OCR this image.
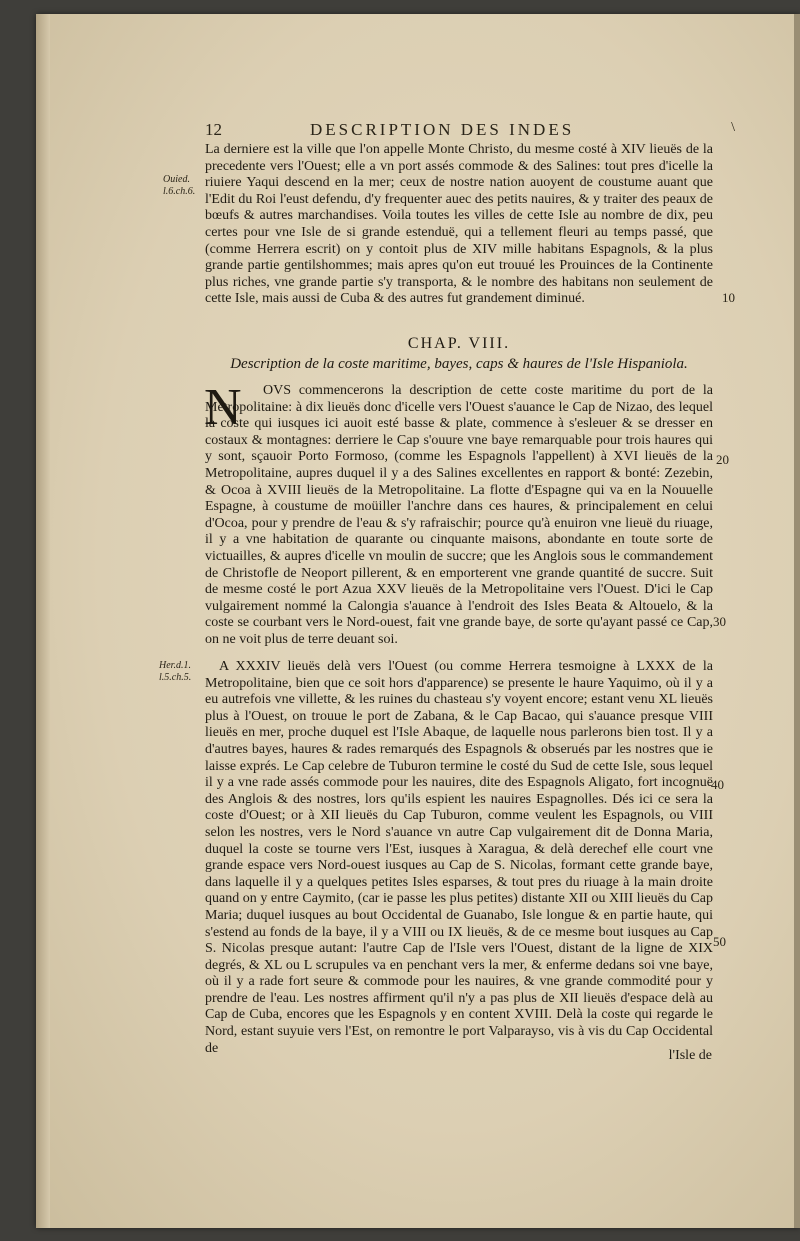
12	DESCRIPTION DES INDES	\
Ouied. l.6.ch.6.
Her.d.1. l.5.ch.5.
10
20
30
40
50

La derniere est la ville que l'on appelle Monte Christo, du mesme costé à XIV lieuës de la precedente vers l'Ouest; elle a vn port assés commode & des Salines: tout pres d'icelle la riuiere Yaqui descend en la mer; ceux de nostre nation auoyent de coustume auant que l'Edit du Roi l'eust defendu, d'y frequenter auec des petits nauires, & y traiter des peaux de bœufs & autres marchandises. Voila toutes les villes de cette Isle au nombre de dix, peu certes pour vne Isle de si grande estenduë, qui a tellement fleuri au temps passé, que (comme Herrera escrit) on y contoit plus de XIV mille habitans Espagnols, & la plus grande partie gentilshommes; mais apres qu'on eut trouué les Prouinces de la Continente plus riches, vne grande partie s'y transporta, & le nombre des habitans non seulement de cette Isle, mais aussi de Cuba & des autres fut grandement diminué.

CHAP. VIII.
Description de la coste maritime, bayes, caps & haures de l'Isle Hispaniola.
N	OVS commencerons la description de cette coste maritime du port de la Metropolitaine: à dix lieuës donc d'icelle vers l'Ouest s'auance le Cap de Nizao, des lequel la coste qui iusques ici auoit esté basse & plate, commence à s'esleuer & se dresser en costaux & montagnes: derriere le Cap s'ouure vne baye remarquable pour trois haures qui y sont, sçauoir Porto Formoso, (comme les Espagnols l'appellent) à XVI lieuës de la Metropolitaine, aupres duquel il y a des Salines excellentes en rapport & bonté: Zezebin, & Ocoa à XVIII lieuës de la Metropolitaine. La flotte d'Espagne qui va en la Nouuelle Espagne, à coustume de moüiller l'anchre dans ces haures, & principalement en celui d'Ocoa, pour y prendre de l'eau & s'y rafraischir; pource qu'à enuiron vne lieuë du riuage, il y a vne habitation de quarante ou cinquante maisons, abondante en toute sorte de victuailles, & aupres d'icelle vn moulin de succre; que les Anglois sous le commandement de Christofle de Neoport pillerent, & en emporterent vne grande quantité de succre. Suit de mesme costé le port Azua XXV lieuës de la Metropolitaine vers l'Ouest. D'ici le Cap vulgairement nommé la Calongia s'auance à l'endroit des Isles Beata & Altouelo, & la coste se courbant vers le Nord-ouest, fait vne grande baye, de sorte qu'ayant passé ce Cap, on ne voit plus de terre deuant soi.

A XXXIV lieuës delà vers l'Ouest (ou comme Herrera tesmoigne à LXXX de la Metropolitaine, bien que ce soit hors d'apparence) se presente le haure Yaquimo, où il y a eu autrefois vne villette, & les ruines du chasteau s'y voyent encore; estant venu XL lieuës plus à l'Ouest, on trouue le port de Zabana, & le Cap Bacao, qui s'auance presque VIII lieuës en mer, proche duquel est l'Isle Abaque, de laquelle nous parlerons bien tost. Il y a d'autres bayes, haures & rades remarqués des Espagnols & obserués par les nostres que ie laisse exprés. Le Cap celebre de Tuburon termine le costé du Sud de cette Isle, sous lequel il y a vne rade assés commode pour les nauires, dite des Espagnols Aligato, fort incognuë des Anglois & des nostres, lors qu'ils espient les nauires Espagnolles. Dés ici ce sera la coste d'Ouest; or à XII lieuës du Cap Tuburon, comme veulent les Espagnols, ou VIII selon les nostres, vers le Nord s'auance vn autre Cap vulgairement dit de Donna Maria, duquel la coste se tourne vers l'Est, iusques à Xaragua, & delà derechef elle court vne grande espace vers Nord-ouest iusques au Cap de S. Nicolas, formant cette grande baye, dans laquelle il y a quelques petites Isles esparses, & tout pres du riuage à la main droite quand on y entre Caymito, (car ie passe les plus petites) distante XII ou XIII lieuës du Cap Maria; duquel iusques au bout Occidental de Guanabo, Isle longue & en partie haute, qui s'estend au fonds de la baye, il y a VIII ou IX lieuës, & de ce mesme bout iusques au Cap S. Nicolas presque autant: l'autre Cap de l'Isle vers l'Ouest, distant de la ligne de XIX degrés, & XL ou L scrupules va en penchant vers la mer, & enferme dedans soi vne baye, où il y a rade fort seure & commode pour les nauires, & vne grande commodité pour y prendre de l'eau. Les nostres affirment qu'il n'y a pas plus de XII lieuës d'espace delà au Cap de Cuba, encores que les Espagnols y en content XVIII. Delà la coste qui regarde le Nord, estant suyuie vers l'Est, on remontre le port Valparayso, vis à vis du Cap Occidental de	l'Isle de
